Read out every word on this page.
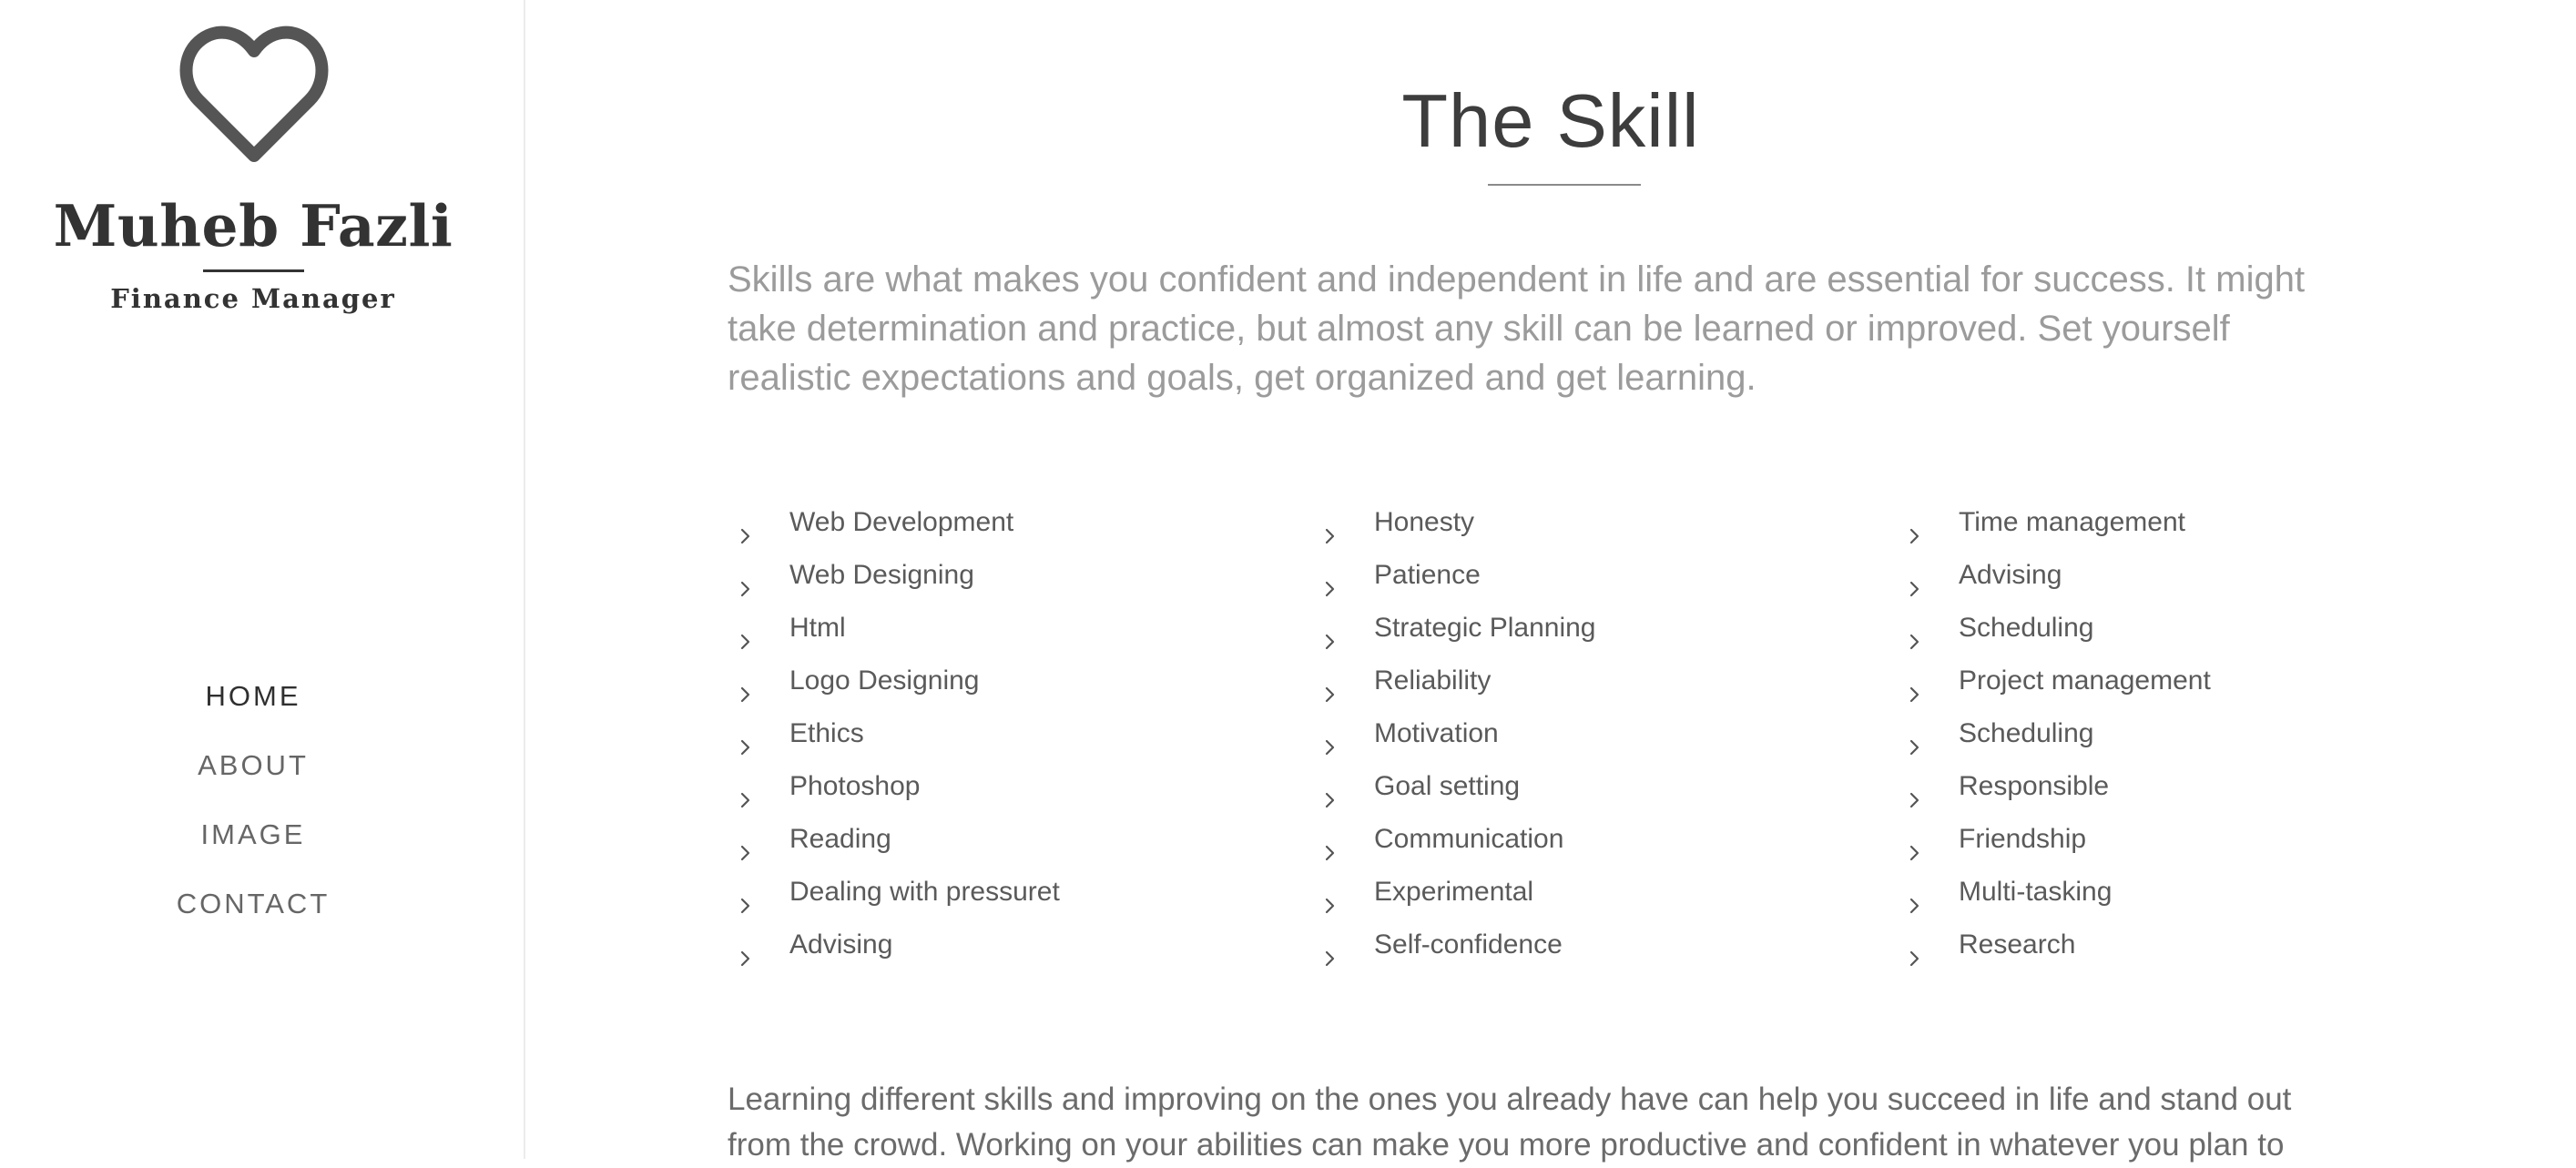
Muheb Fazli
Finance Manager
HOME
ABOUT
IMAGE
CONTACT
The Skill

Skills are what makes you confident and independent in life and are essential for success. It might take determination and practice, but almost any skill can be learned or improved. Set yourself realistic expectations and goals, get organized and get learning.

Web Development
Web Designing
Html
Logo Designing
Ethics
Photoshop
Reading
Dealing with pressuret
Advising
Honesty
Patience
Strategic Planning
Reliability
Motivation
Goal setting
Communication
Experimental
Self-confidence
Time management
Advising
Scheduling
Project management
Scheduling
Responsible
Friendship
Multi-tasking
Research

Learning different skills and improving on the ones you already have can help you succeed in life and stand out from the crowd. Working on your abilities can make you more productive and confident in whatever you plan to
